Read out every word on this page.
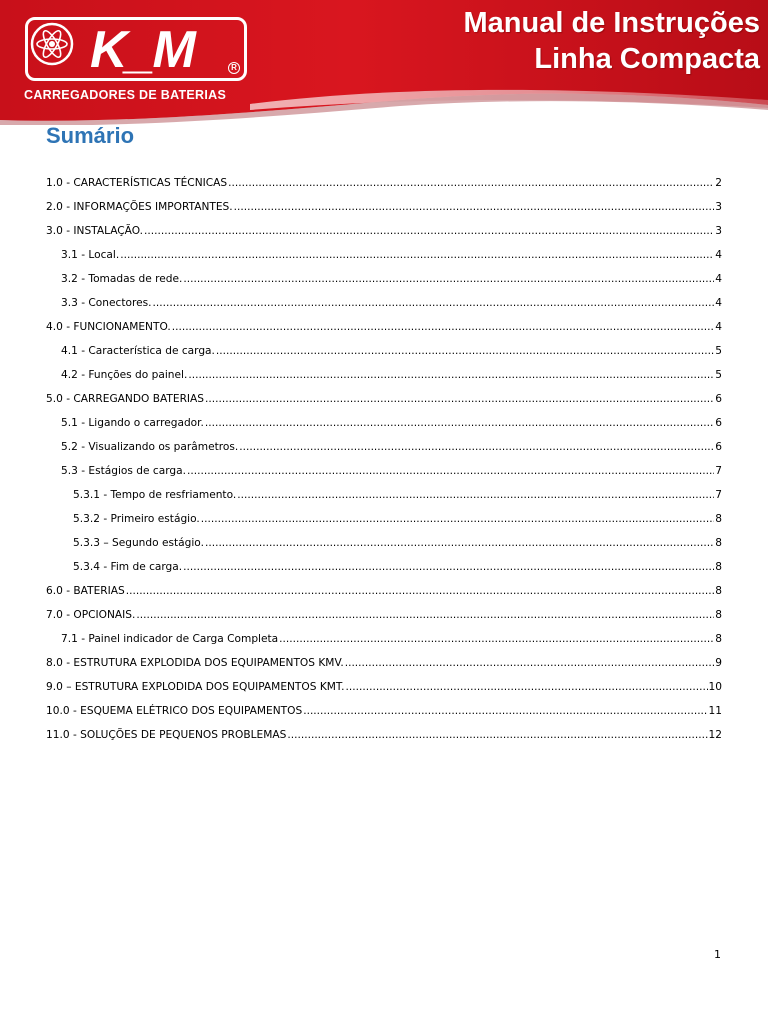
K_M	R
CARREGADORES DE BATERIAS
Manual de Instruções
Linha Compacta
Sumário
1.0 - CARACTERÍSTICAS TÉCNICAS .....	2
2.0 - INFORMAÇÕES IMPORTANTES. .....	3
3.0 - INSTALAÇÃO. .....	3
3.1 - Local. .....	4
3.2 - Tomadas de rede. .....	4
3.3 - Conectores. .....	4
4.0 - FUNCIONAMENTO. .....	4
4.1 - Característica de carga. .....	5
4.2 - Funções do painel. .....	5
5.0 - CARREGANDO BATERIAS .....	6
5.1 - Ligando o carregador. .....	6
5.2 - Visualizando os parâmetros. .....	6
5.3 - Estágios de carga. .....	7
5.3.1 - Tempo de resfriamento. .....	7
5.3.2 - Primeiro estágio. .....	8
5.3.3 – Segundo estágio. .....	8
5.3.4 - Fim de carga. .....	8
6.0 - BATERIAS .....	8
7.0 - OPCIONAIS. .....	8
7.1 - Painel indicador de Carga Completa .....	8
8.0 - ESTRUTURA EXPLODIDA DOS EQUIPAMENTOS KMV. .....	9
9.0 – ESTRUTURA EXPLODIDA DOS EQUIPAMENTOS KMT. .....	10
10.0 - ESQUEMA ELÉTRICO DOS EQUIPAMENTOS .....	11
11.0 - SOLUÇÕES DE PEQUENOS PROBLEMAS .....	12
1
